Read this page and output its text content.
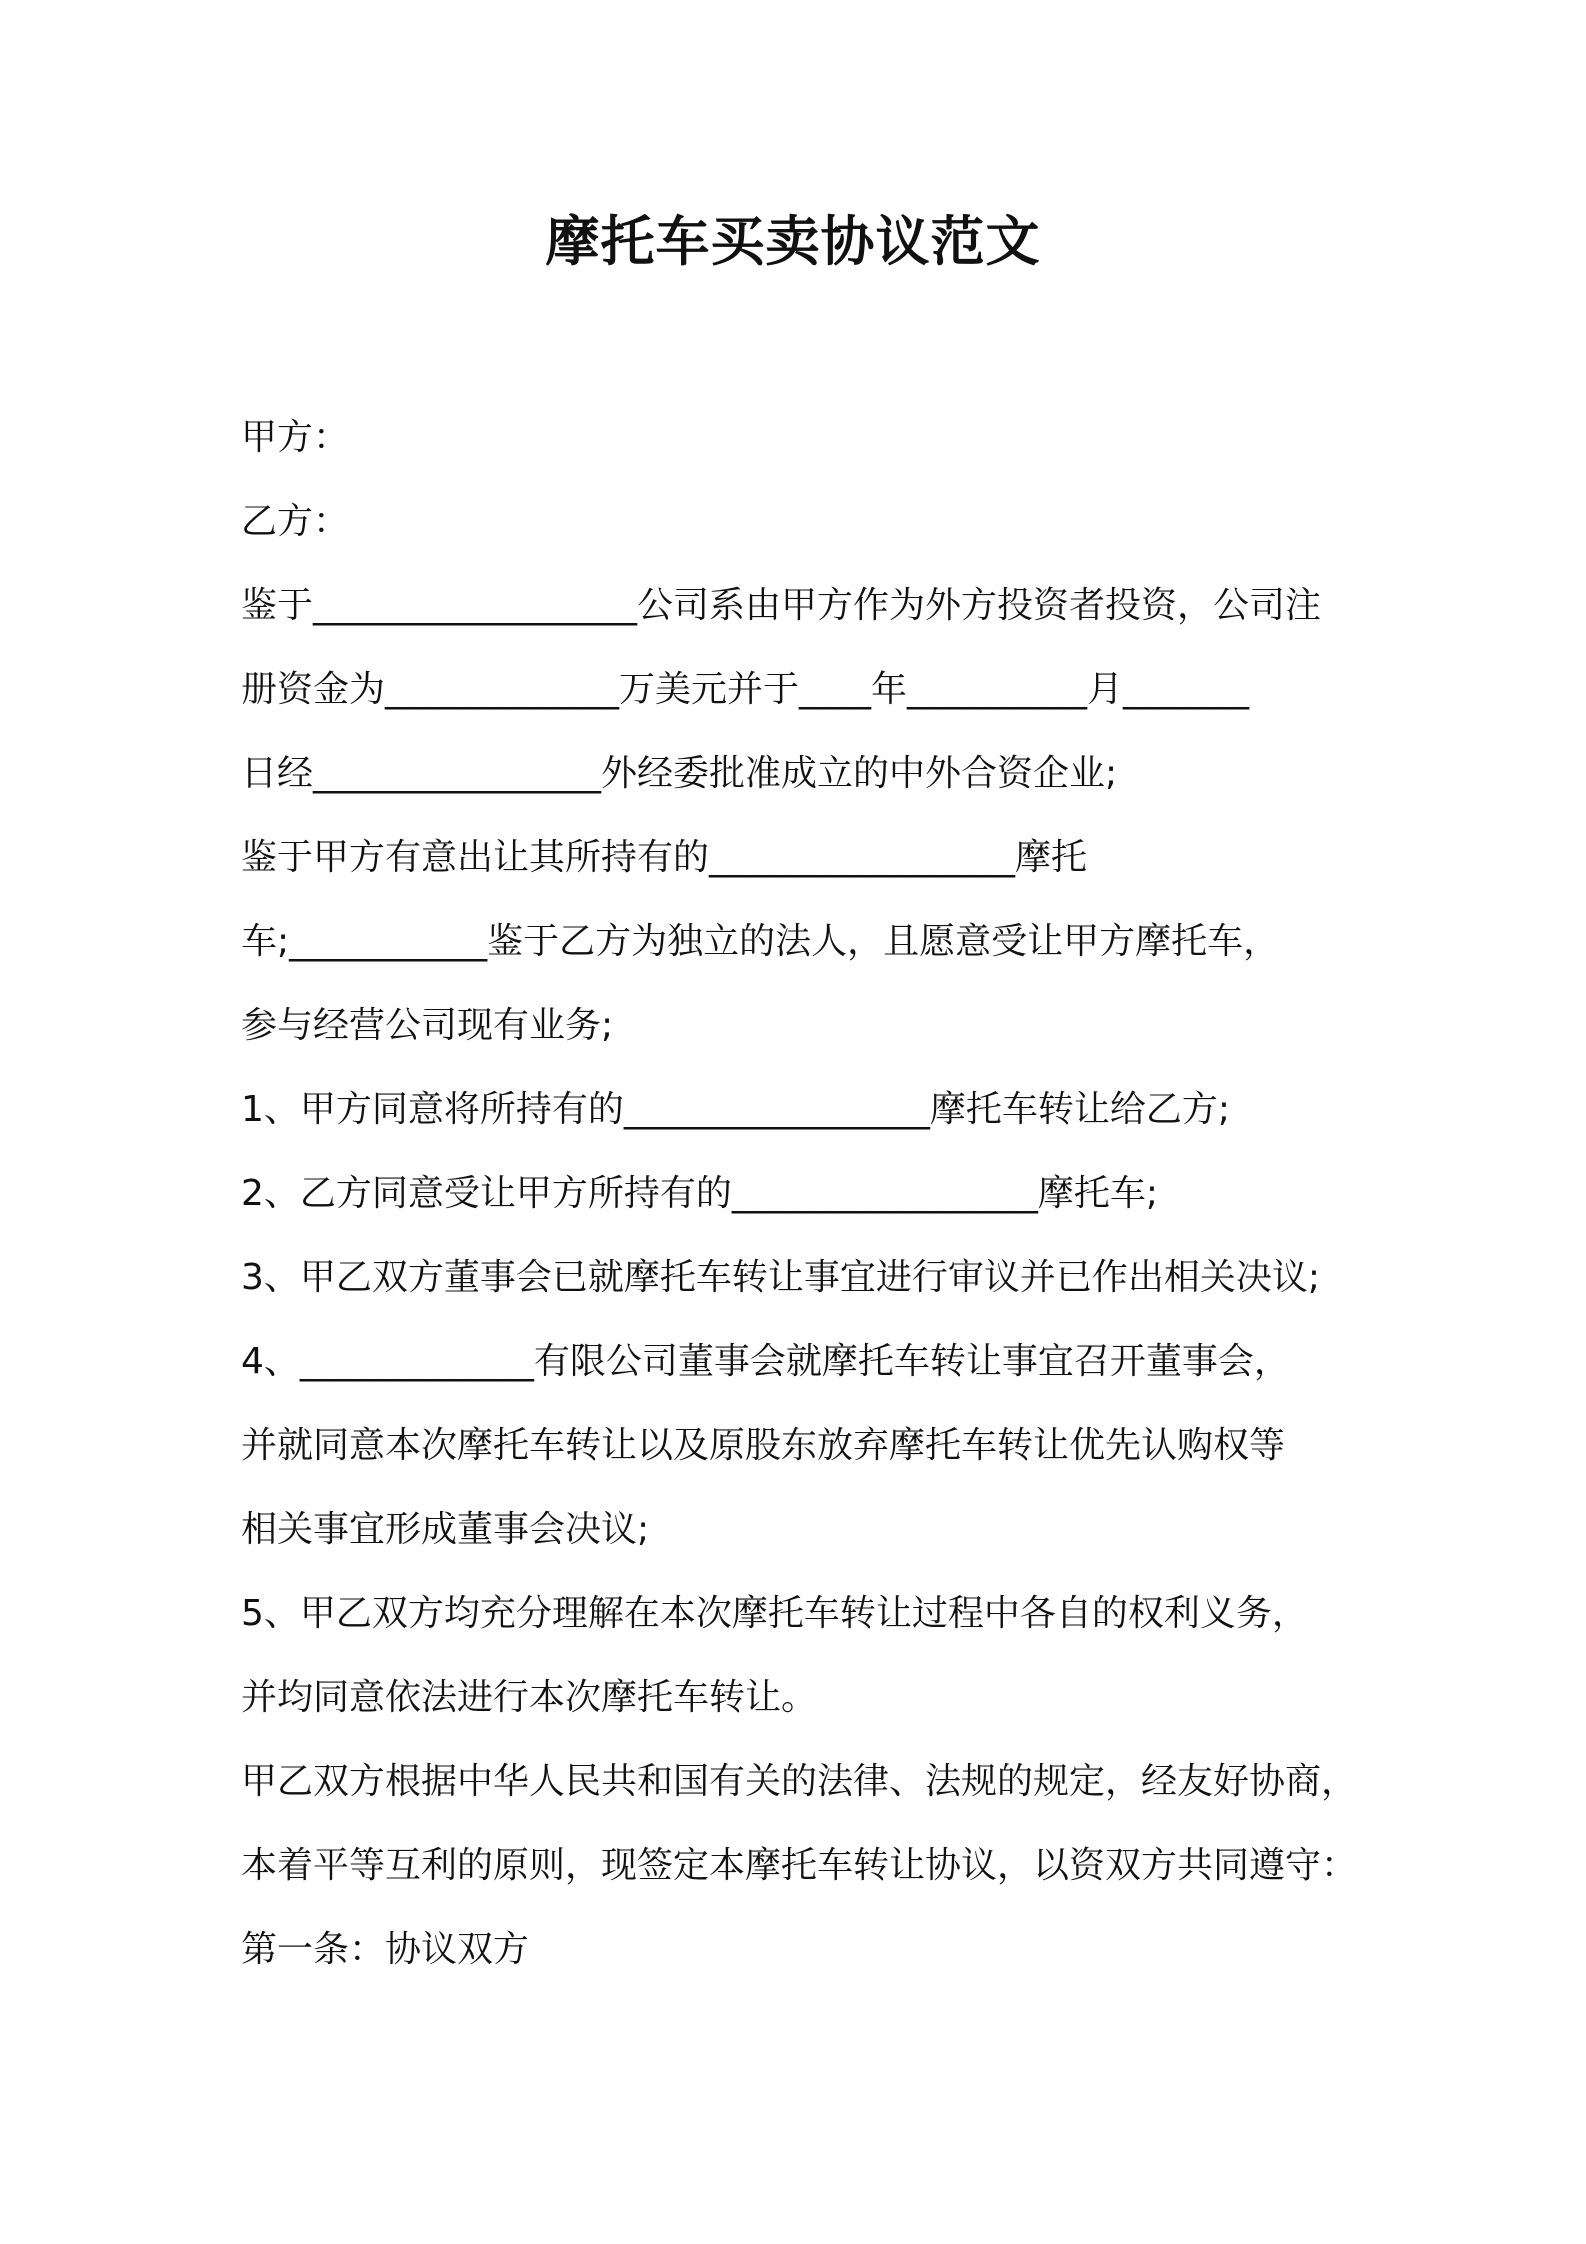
摩托车买卖协议范文

甲方：

乙方：

鉴于__________________公司系由甲方作为外方投资者投资，公司注

册资金为_____________万美元并于____年__________月_______

日经________________外经委批准成立的中外合资企业;

鉴于甲方有意出让其所持有的_________________摩托

车;___________鉴于乙方为独立的法人，且愿意受让甲方摩托车，

参与经营公司现有业务;

1、甲方同意将所持有的_________________摩托车转让给乙方;

2、乙方同意受让甲方所持有的_________________摩托车;

3、甲乙双方董事会已就摩托车转让事宜进行审议并已作出相关决议;

4、_____________有限公司董事会就摩托车转让事宜召开董事会，

并就同意本次摩托车转让以及原股东放弃摩托车转让优先认购权等

相关事宜形成董事会决议;

5、甲乙双方均充分理解在本次摩托车转让过程中各自的权利义务，

并均同意依法进行本次摩托车转让。

甲乙双方根据中华人民共和国有关的法律、法规的规定，经友好协商，

本着平等互利的原则，现签定本摩托车转让协议，以资双方共同遵守：

第一条：协议双方
